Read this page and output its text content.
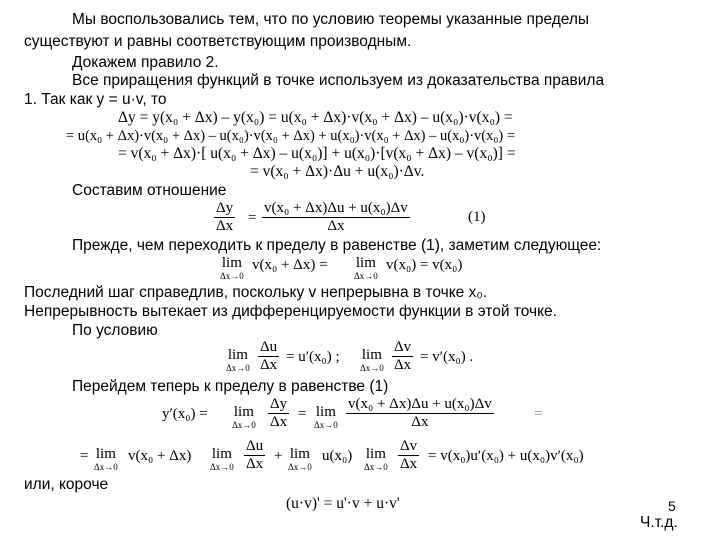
Мы воспользовались тем, что по условию теоремы указанные пределы
существуют и равны соответствующим производным.
Докажем правило 2.
Все приращения функций в точке используем из доказательства правила
1. Так как y = u·v, то
Δy = y(x₀ + Δx) – y(x₀) = u(x₀ + Δx)·v(x₀ + Δx) – u(x₀)·v(x₀) =
= u(x₀ + Δx)·v(x₀ + Δx) – u(x₀)·v(x₀ + Δx) + u(x₀)·v(x₀ + Δx) – u(x₀)·v(x₀) =
= v(x₀ + Δx)·[ u(x₀ + Δx) – u(x₀)] + u(x₀)·[v(x₀ + Δx) – v(x₀)] =
= v(x₀ + Δx)·Δu + u(x₀)·Δv.
Составим отношение
$\frac{\Delta y}{\Delta x} = \frac{\text{v(x₀ + Δx)Δu + u(x₀)Δv}}{\Delta x}$	(1)
Прежде, чем переходить к пределу в равенстве (1), заметим следующее:
lim
Δx→0
v(x₀ + Δx) = lim
Δx→0
v(x₀) = v(x₀)
Последний шаг справедлив, поскольку v непрерывна в точке x₀.
Непрерывность вытекает из дифференцируемости функции в этой точке.
По условию
lim
$\Delta x\to 0 \frac{\Delta u}{\Delta x} = u'(x_0)$ ; lim
$\Delta x\to 0 \frac{\Delta v}{\Delta x} = v'(x_0)$ .
Перейдем теперь к пределу в равенстве (1)
y′(x₀) = lim
$\Delta x\to 0 \frac{\Delta y}{\Delta x} = \lim$
$\Delta x\to 0 \frac{\text{v(x₀ + Δx)Δu + u(x₀)Δv}}{\Delta x}$	=
= lim
Δx→0
v(x₀ + Δx) lim
$\Delta x\to 0 \frac{\Delta u}{\Delta x} + \lim$
Δx→0
u(x₀) lim
$\Delta x\to 0 \frac{\Delta v}{\Delta x} = v(x_0)u'(x_0) + u(x_0)v'(x_0)$
или, короче
(u·v)' = u'·v + u·v'	5
Ч.т.д.
